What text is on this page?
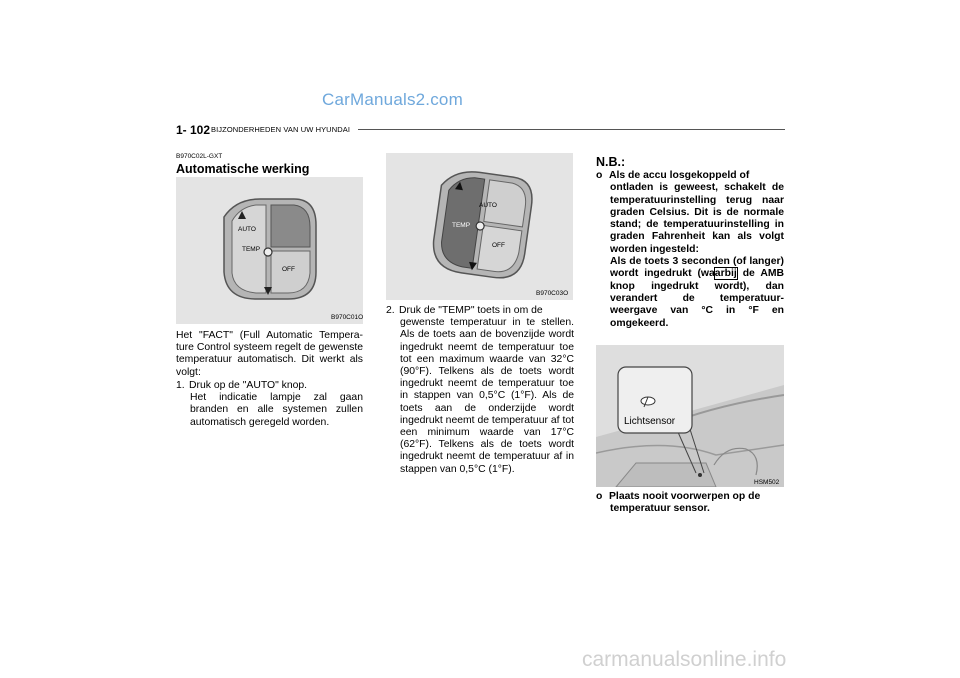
CarManuals2.com
carmanualsonline.info
1- 102 BIJZONDERHEDEN VAN UW HYUNDAI
B970C02L-GXT
Automatische werking
AUTO
TEMP
OFF
B970C01O
Het "FACT" (Full Automatic Tempera-ture Control systeem regelt de gewenste temperatuur automatisch. Dit werkt als volgt:
1. Druk op de "AUTO" knop.
Het indicatie lampje zal gaan branden en alle systemen zullen automatisch geregeld worden.
AUTO
TEMP
OFF
B970C03O
2. Druk de "TEMP" toets in om de
gewenste temperatuur in te stellen. Als de toets aan de bovenzijde wordt ingedrukt neemt de temperatuur toe tot een maximum waarde van 32°C (90°F). Telkens als de toets wordt ingedrukt neemt de temperatuur toe in stappen van 0,5°C (1°F). Als de toets aan de onderzijde wordt ingedrukt neemt de temperatuur af tot een minimum waarde van 17°C (62°F). Telkens als de toets wordt ingedrukt neemt de temperatuur af in stappen van 0,5°C (1°F).
N.B.:
o Als de accu losgekoppeld of
ontladen is geweest, schakelt de temperatuurinstelling terug naar graden Celsius. Dit is de normale stand; de temperatuurinstelling in graden Fahrenheit kan als volgt worden ingesteld:
Als de toets 3 seconden (of langer) wordt ingedrukt (waarbij de AMB knop ingedrukt wordt), dan verandert de temperatuur-weergave van °C in °F en omgekeerd.
Lichtsensor
HSM502
o Plaats nooit voorwerpen op de
temperatuur sensor.
